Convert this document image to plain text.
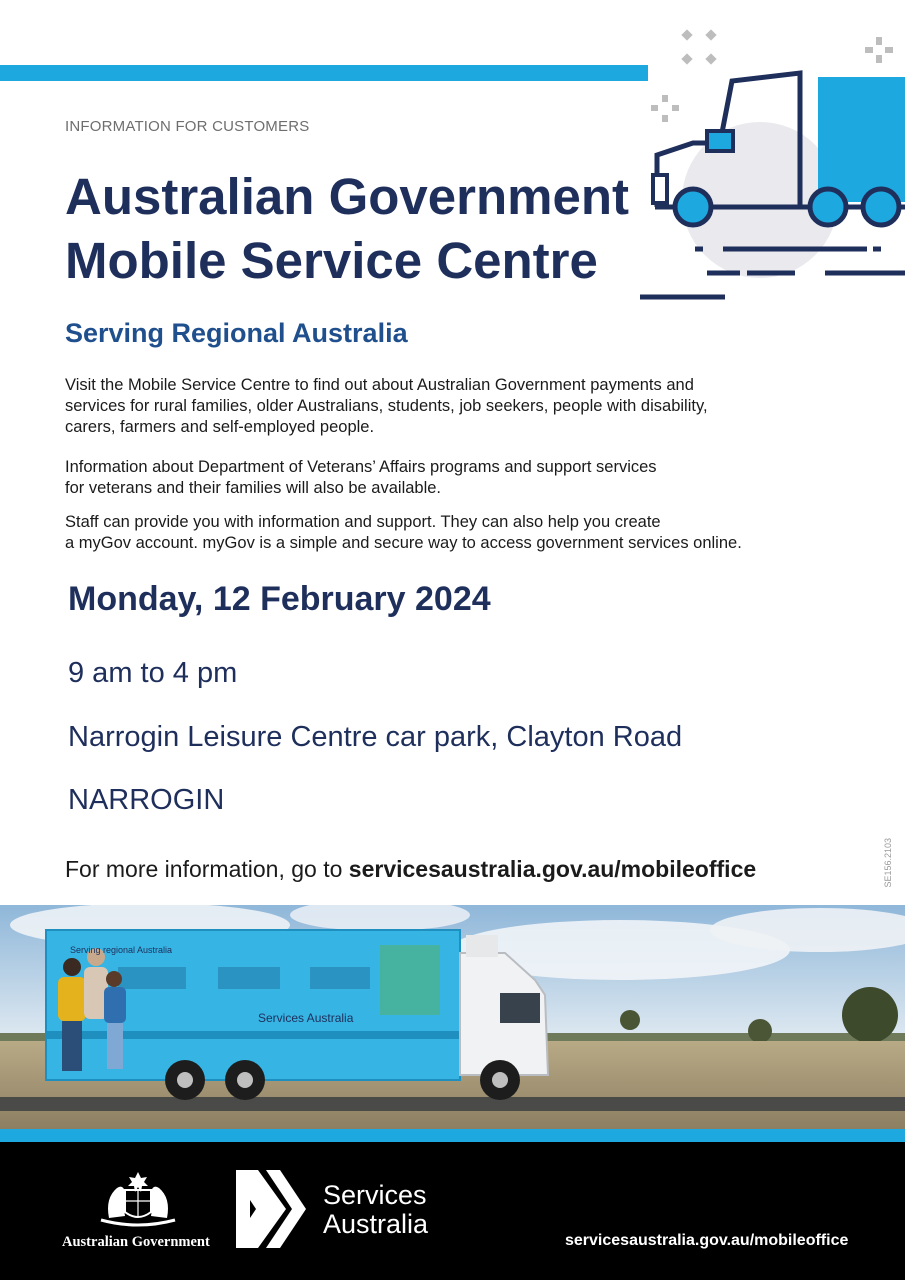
INFORMATION FOR CUSTOMERS
Australian Government
Mobile Service Centre
Serving Regional Australia

Visit the Mobile Service Centre to find out about Australian Government payments and
services for rural families, older Australians, students, job seekers, people with disability,
carers, farmers and self-employed people.

Information about Department of Veterans’ Affairs programs and support services
for veterans and their families will also be available.

Staff can provide you with information and support. They can also help you create
a myGov account. myGov is a simple and secure way to access government services online.

Monday, 12 February 2024
9 am to 4 pm
Narrogin Leisure Centre car park, Clayton Road
NARROGIN
For more information, go to servicesaustralia.gov.au/mobileoffice	SE156.2103
Serving regional Australia
Services Australia
Australian Government
Services
Australia
servicesaustralia.gov.au/mobileoffice
